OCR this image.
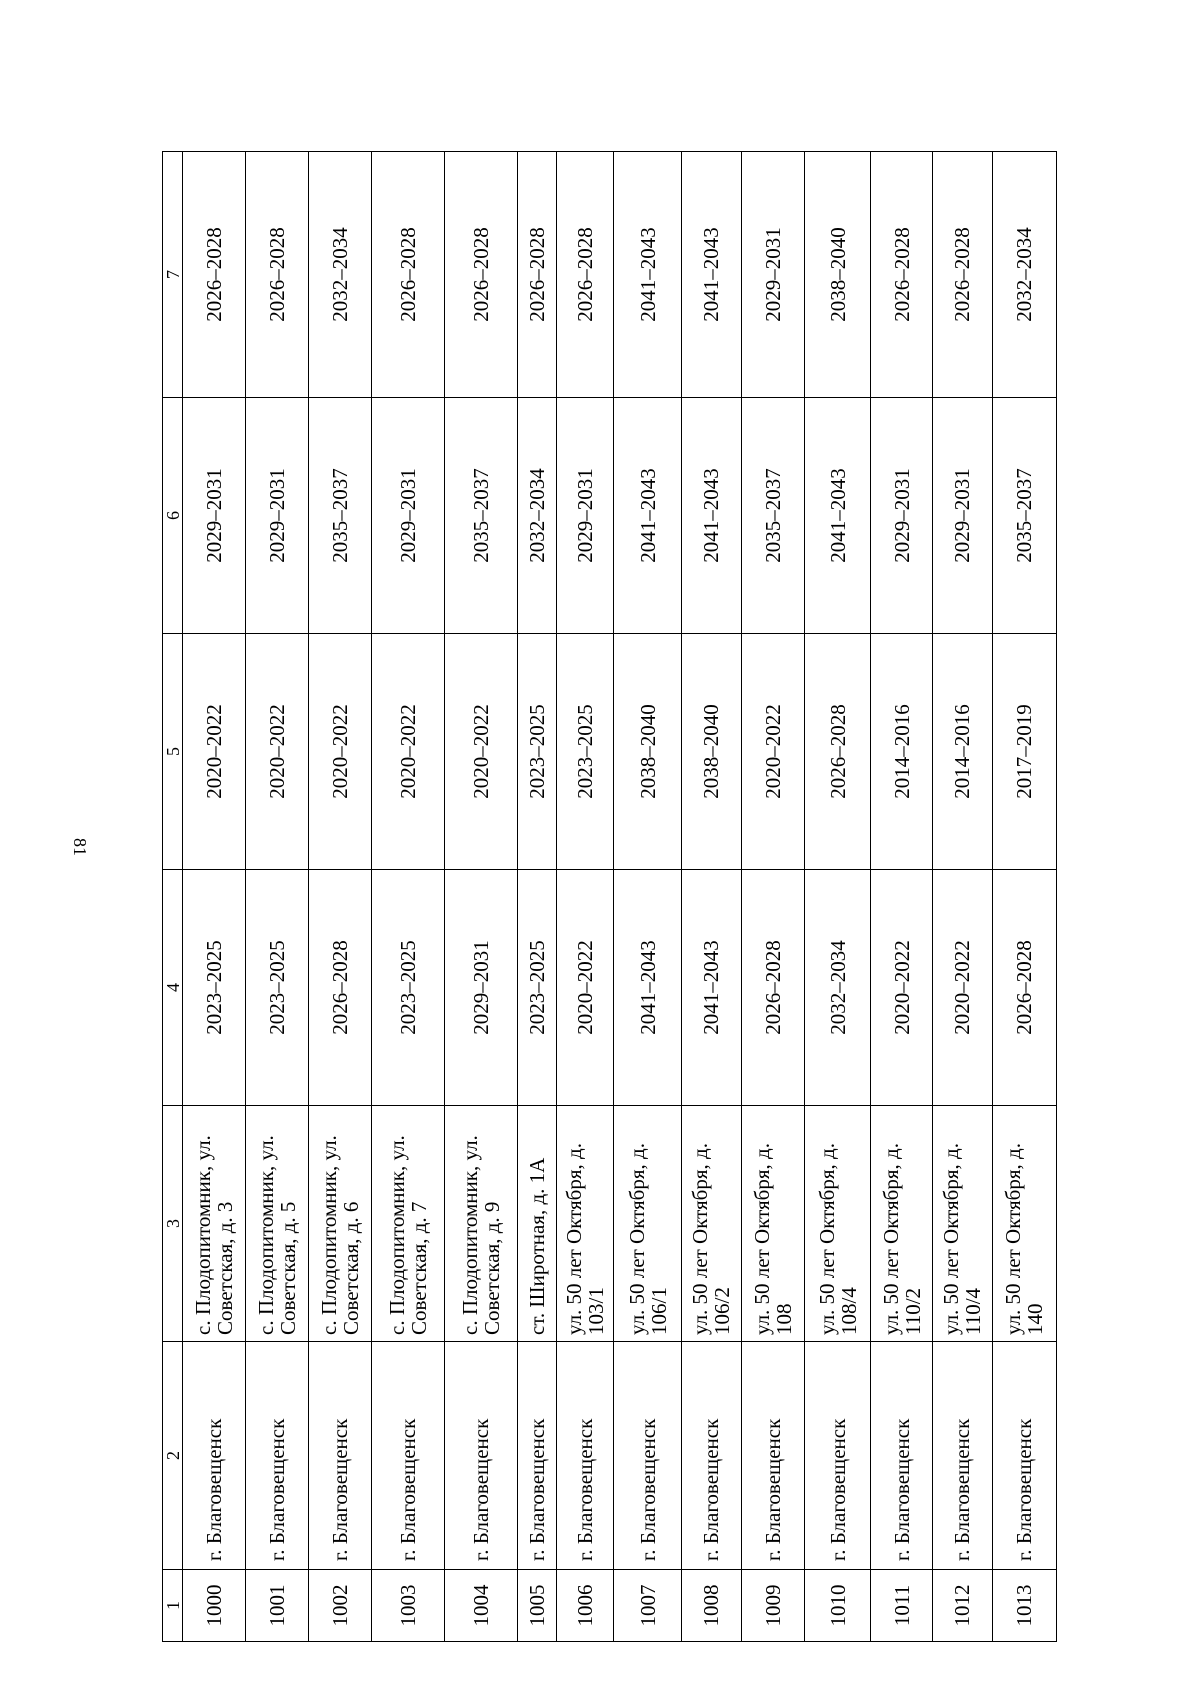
81
1	2	3	4	5	6	7
1000	г. Благовещенск	с. Плодопитомник, ул. Советская, д. 3	2023–2025	2020–2022	2029–2031	2026–2028
1001	г. Благовещенск	с. Плодопитомник, ул. Советская, д. 5	2023–2025	2020–2022	2029–2031	2026–2028
1002	г. Благовещенск	с. Плодопитомник, ул. Советская, д. 6	2026–2028	2020–2022	2035–2037	2032–2034
1003	г. Благовещенск	с. Плодопитомник, ул. Советская, д. 7	2023–2025	2020–2022	2029–2031	2026–2028
1004	г. Благовещенск	с. Плодопитомник, ул. Советская, д. 9	2029–2031	2020–2022	2035–2037	2026–2028
1005	г. Благовещенск	ст. Широтная, д. 1А	2023–2025	2023–2025	2032–2034	2026–2028
1006	г. Благовещенск	ул. 50 лет Октября, д. 103/1	2020–2022	2023–2025	2029–2031	2026–2028
1007	г. Благовещенск	ул. 50 лет Октября, д. 106/1	2041–2043	2038–2040	2041–2043	2041–2043
1008	г. Благовещенск	ул. 50 лет Октября, д. 106/2	2041–2043	2038–2040	2041–2043	2041–2043
1009	г. Благовещенск	ул. 50 лет Октября, д. 108	2026–2028	2020–2022	2035–2037	2029–2031
1010	г. Благовещенск	ул. 50 лет Октября, д. 108/4	2032–2034	2026–2028	2041–2043	2038–2040
1011	г. Благовещенск	ул. 50 лет Октября, д. 110/2	2020–2022	2014–2016	2029–2031	2026–2028
1012	г. Благовещенск	ул. 50 лет Октября, д. 110/4	2020–2022	2014–2016	2029–2031	2026–2028
1013	г. Благовещенск	ул. 50 лет Октября, д. 140	2026–2028	2017–2019	2035–2037	2032–2034
